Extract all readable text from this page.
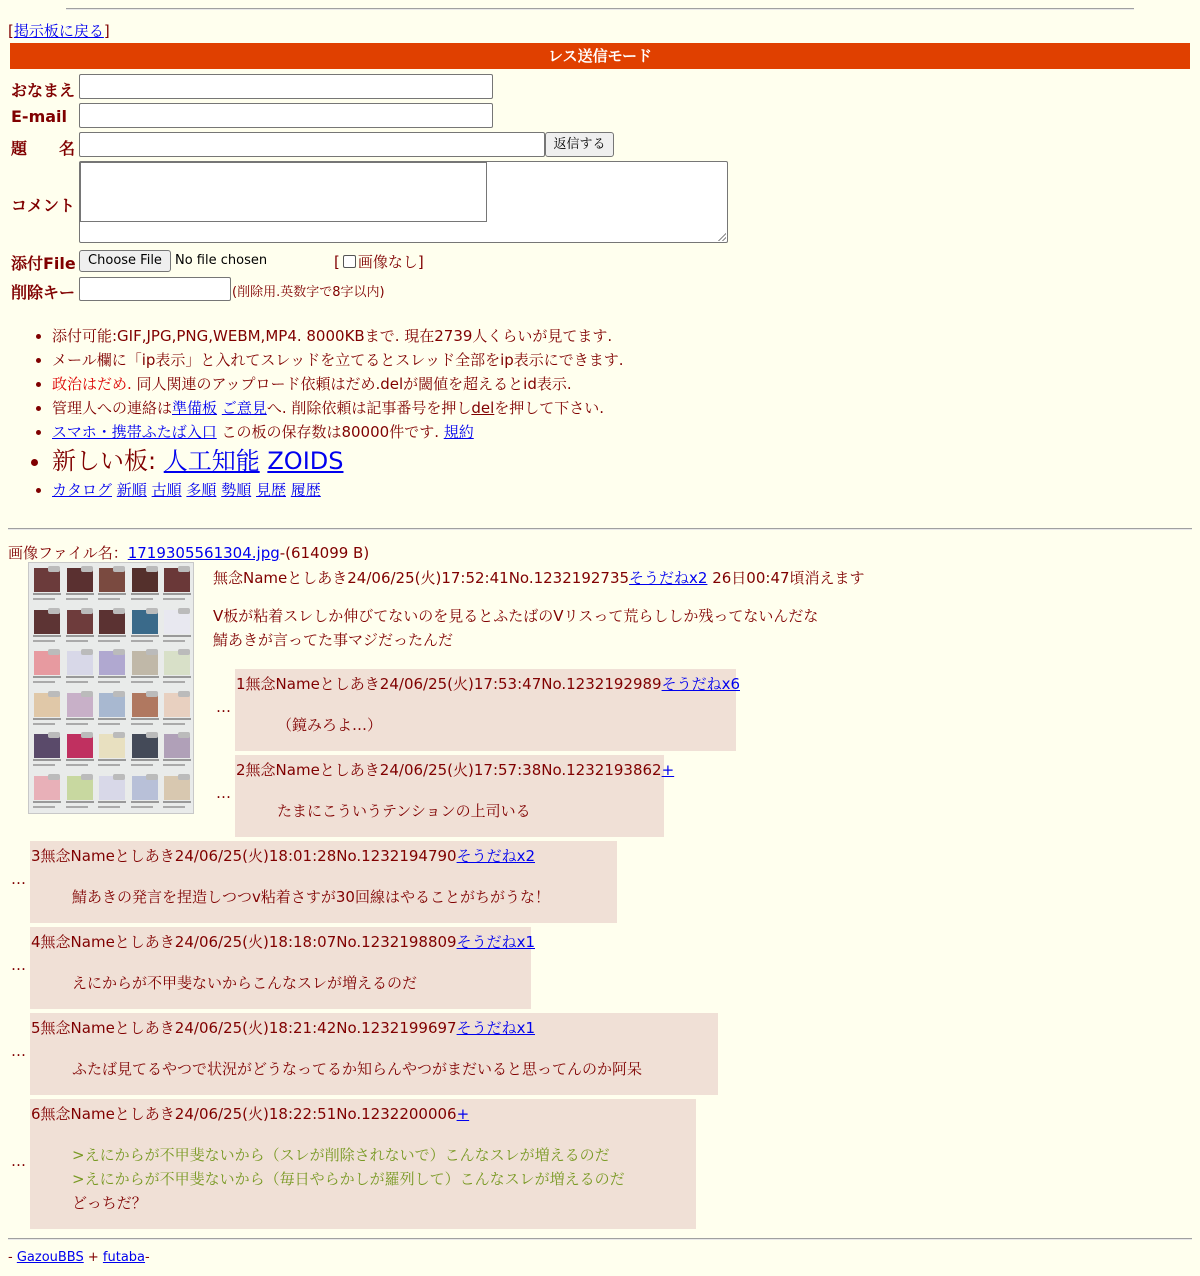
[掲示板に戻る]
レス送信モード
おなまえ
E-mail
題　　名	返信する
コメント
添付File Choose File	No file chosen	[ 画像なし]
削除キー	(削除用.英数字で8字以内)
• 添付可能:GIF,JPG,PNG,WEBM,MP4. 8000KBまで. 現在2739人くらいが見てます.
• メール欄に「ip表示」と入れてスレッドを立てるとスレッド全部をip表示にできます.
• 政治はだめ. 同人関連のアップロード依頼はだめ.delが閾値を超えるとid表示.
• 管理人への連絡は準備板 ご意見へ. 削除依頼は記事番号を押しdelを押して下さい.
• スマホ・携帯ふたば入口 この板の保存数は80000件です. 規約
• 新しい板: 人工知能 ZOIDS
• カタログ 新順 古順 多順 勢順 見歴 履歴
画像ファイル名：1719305561304.jpg-(614099 B)
無念Nameとしあき24/06/25(火)17:52:41No.1232192735そうだねx2 26日00:47頃消えます
V板が粘着スレしか伸びてないのを見るとふたばのVリスって荒らししか残ってないんだな
鯖あきが言ってた事マジだったんだ
…
1無念Nameとしあき24/06/25(火)17:53:47No.1232192989そうだねx6
（鏡みろよ…）
…
2無念Nameとしあき24/06/25(火)17:57:38No.1232193862+
たまにこういうテンションの上司いる
…
3無念Nameとしあき24/06/25(火)18:01:28No.1232194790そうだねx2
鯖あきの発言を捏造しつつv粘着さすが30回線はやることがちがうな！
…
4無念Nameとしあき24/06/25(火)18:18:07No.1232198809そうだねx1
えにからが不甲斐ないからこんなスレが増えるのだ
…
5無念Nameとしあき24/06/25(火)18:21:42No.1232199697そうだねx1
ふたば見てるやつで状況がどうなってるか知らんやつがまだいると思ってんのか阿呆
…
6無念Nameとしあき24/06/25(火)18:22:51No.1232200006+
>えにからが不甲斐ないから（スレが削除されないで）こんなスレが増えるのだ
>えにからが不甲斐ないから（毎日やらかしが羅列して）こんなスレが増えるのだ
どっちだ？
- GazouBBS + futaba-
